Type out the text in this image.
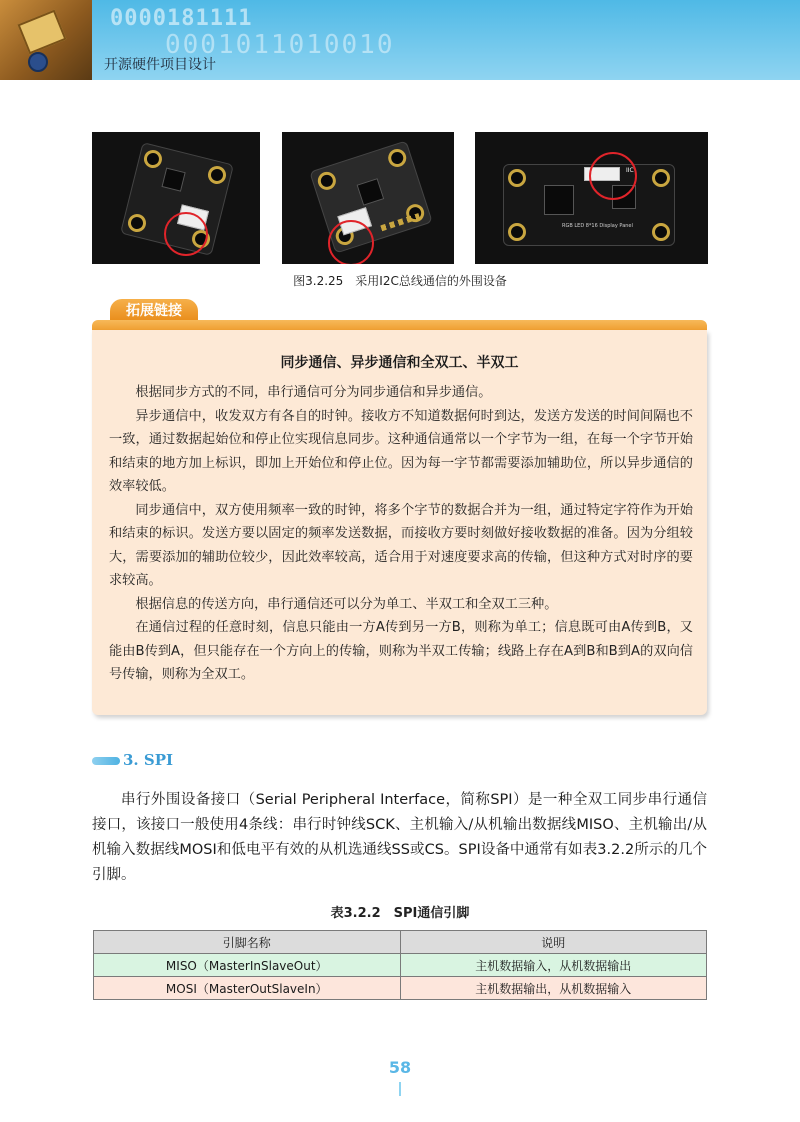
0000181111
0001011010010
开源硬件项目设计
RGB LED 8*16 Display Panel
IIC
图3.2.25　采用I2C总线通信的外围设备
拓展链接
同步通信、异步通信和全双工、半双工

根据同步方式的不同，串行通信可分为同步通信和异步通信。

异步通信中，收发双方有各自的时钟。接收方不知道数据何时到达，发送方发送的时间间隔也不一致，通过数据起始位和停止位实现信息同步。这种通信通常以一个字节为一组，在每一个字节开始和结束的地方加上标识，即加上开始位和停止位。因为每一字节都需要添加辅助位，所以异步通信的效率较低。

同步通信中，双方使用频率一致的时钟，将多个字节的数据合并为一组，通过特定字符作为开始和结束的标识。发送方要以固定的频率发送数据，而接收方要时刻做好接收数据的准备。因为分组较大，需要添加的辅助位较少，因此效率较高，适合用于对速度要求高的传输，但这种方式对时序的要求较高。

根据信息的传送方向，串行通信还可以分为单工、半双工和全双工三种。

在通信过程的任意时刻，信息只能由一方A传到另一方B，则称为单工；信息既可由A传到B，又能由B传到A，但只能存在一个方向上的传输，则称为半双工传输；线路上存在A到B和B到A的双向信号传输，则称为全双工。

3. SPI

串行外围设备接口（Serial Peripheral Interface，简称SPI）是一种全双工同步串行通信接口，该接口一般使用4条线：串行时钟线SCK、主机输入/从机输出数据线MISO、主机输出/从机输入数据线MOSI和低电平有效的从机选通线SS或CS。SPI设备中通常有如表3.2.2所示的几个引脚。

表3.2.2　SPI通信引脚
引脚名称	说明
MISO（MasterInSlaveOut）	主机数据输入，从机数据输出
MOSI（MasterOutSlaveIn）	主机数据输出，从机数据输入
58
